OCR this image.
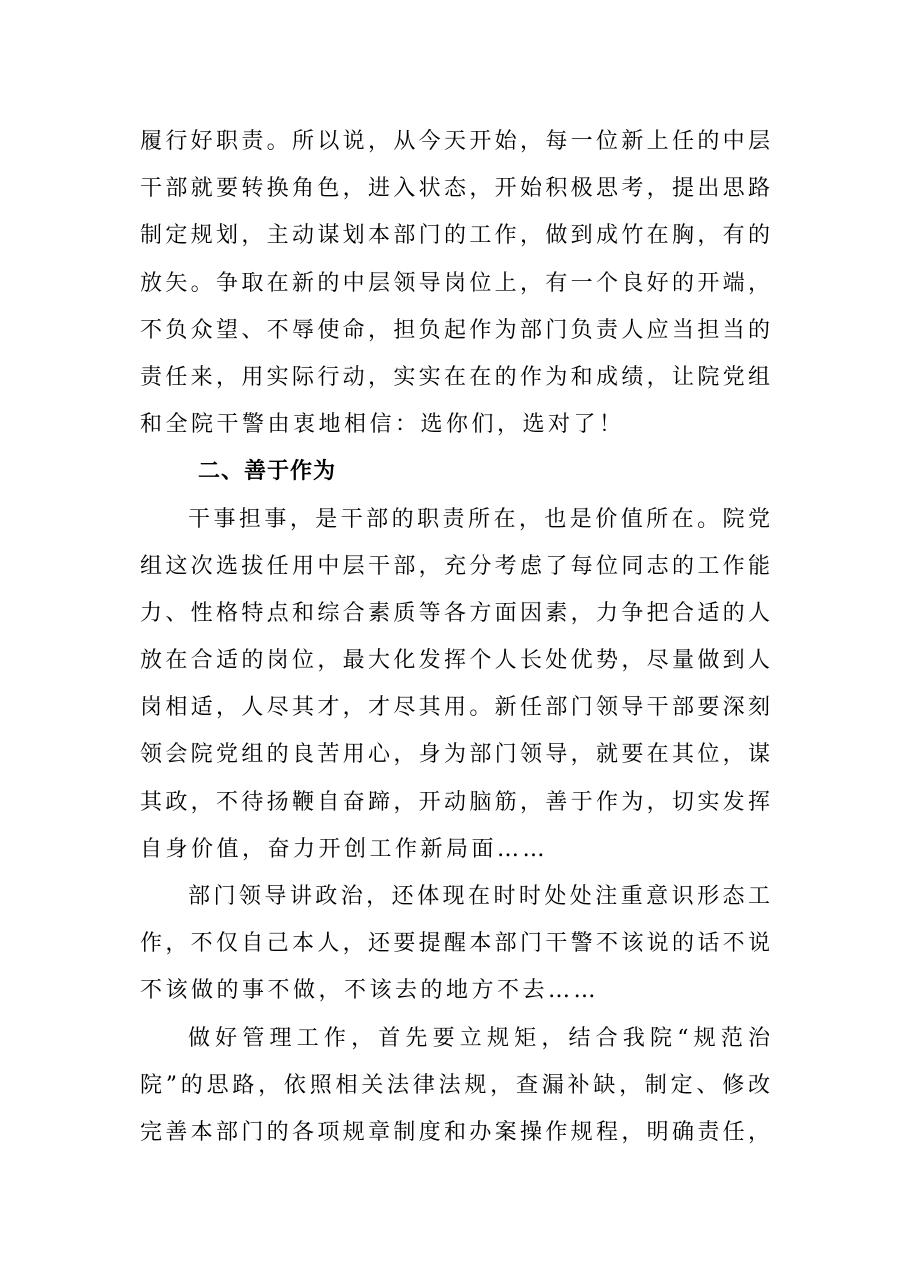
履行好职责。所以说，从今天开始，每一位新上任的中层
干部就要转换角色，进入状态，开始积极思考，提出思路
制定规划，主动谋划本部门的工作，做到成竹在胸，有的
放矢。争取在新的中层领导岗位上，有一个良好的开端，
不负众望、不辱使命，担负起作为部门负责人应当担当的
责任来，用实际行动，实实在在的作为和成绩，让院党组
和全院干警由衷地相信：选你们，选对了！
二、善于作为
干事担事，是干部的职责所在，也是价值所在。院党
组这次选拔任用中层干部，充分考虑了每位同志的工作能
力、性格特点和综合素质等各方面因素，力争把合适的人
放在合适的岗位，最大化发挥个人长处优势，尽量做到人
岗相适，人尽其才，才尽其用。新任部门领导干部要深刻
领会院党组的良苦用心，身为部门领导，就要在其位，谋
其政，不待扬鞭自奋蹄，开动脑筋，善于作为，切实发挥
自身价值，奋力开创工作新局面……
部门领导讲政治，还体现在时时处处注重意识形态工
作，不仅自己本人，还要提醒本部门干警不该说的话不说
不该做的事不做，不该去的地方不去……
做好管理工作，首先要立规矩，结合我院“规范治
院”的思路，依照相关法律法规，查漏补缺，制定、修改
完善本部门的各项规章制度和办案操作规程，明确责任，
